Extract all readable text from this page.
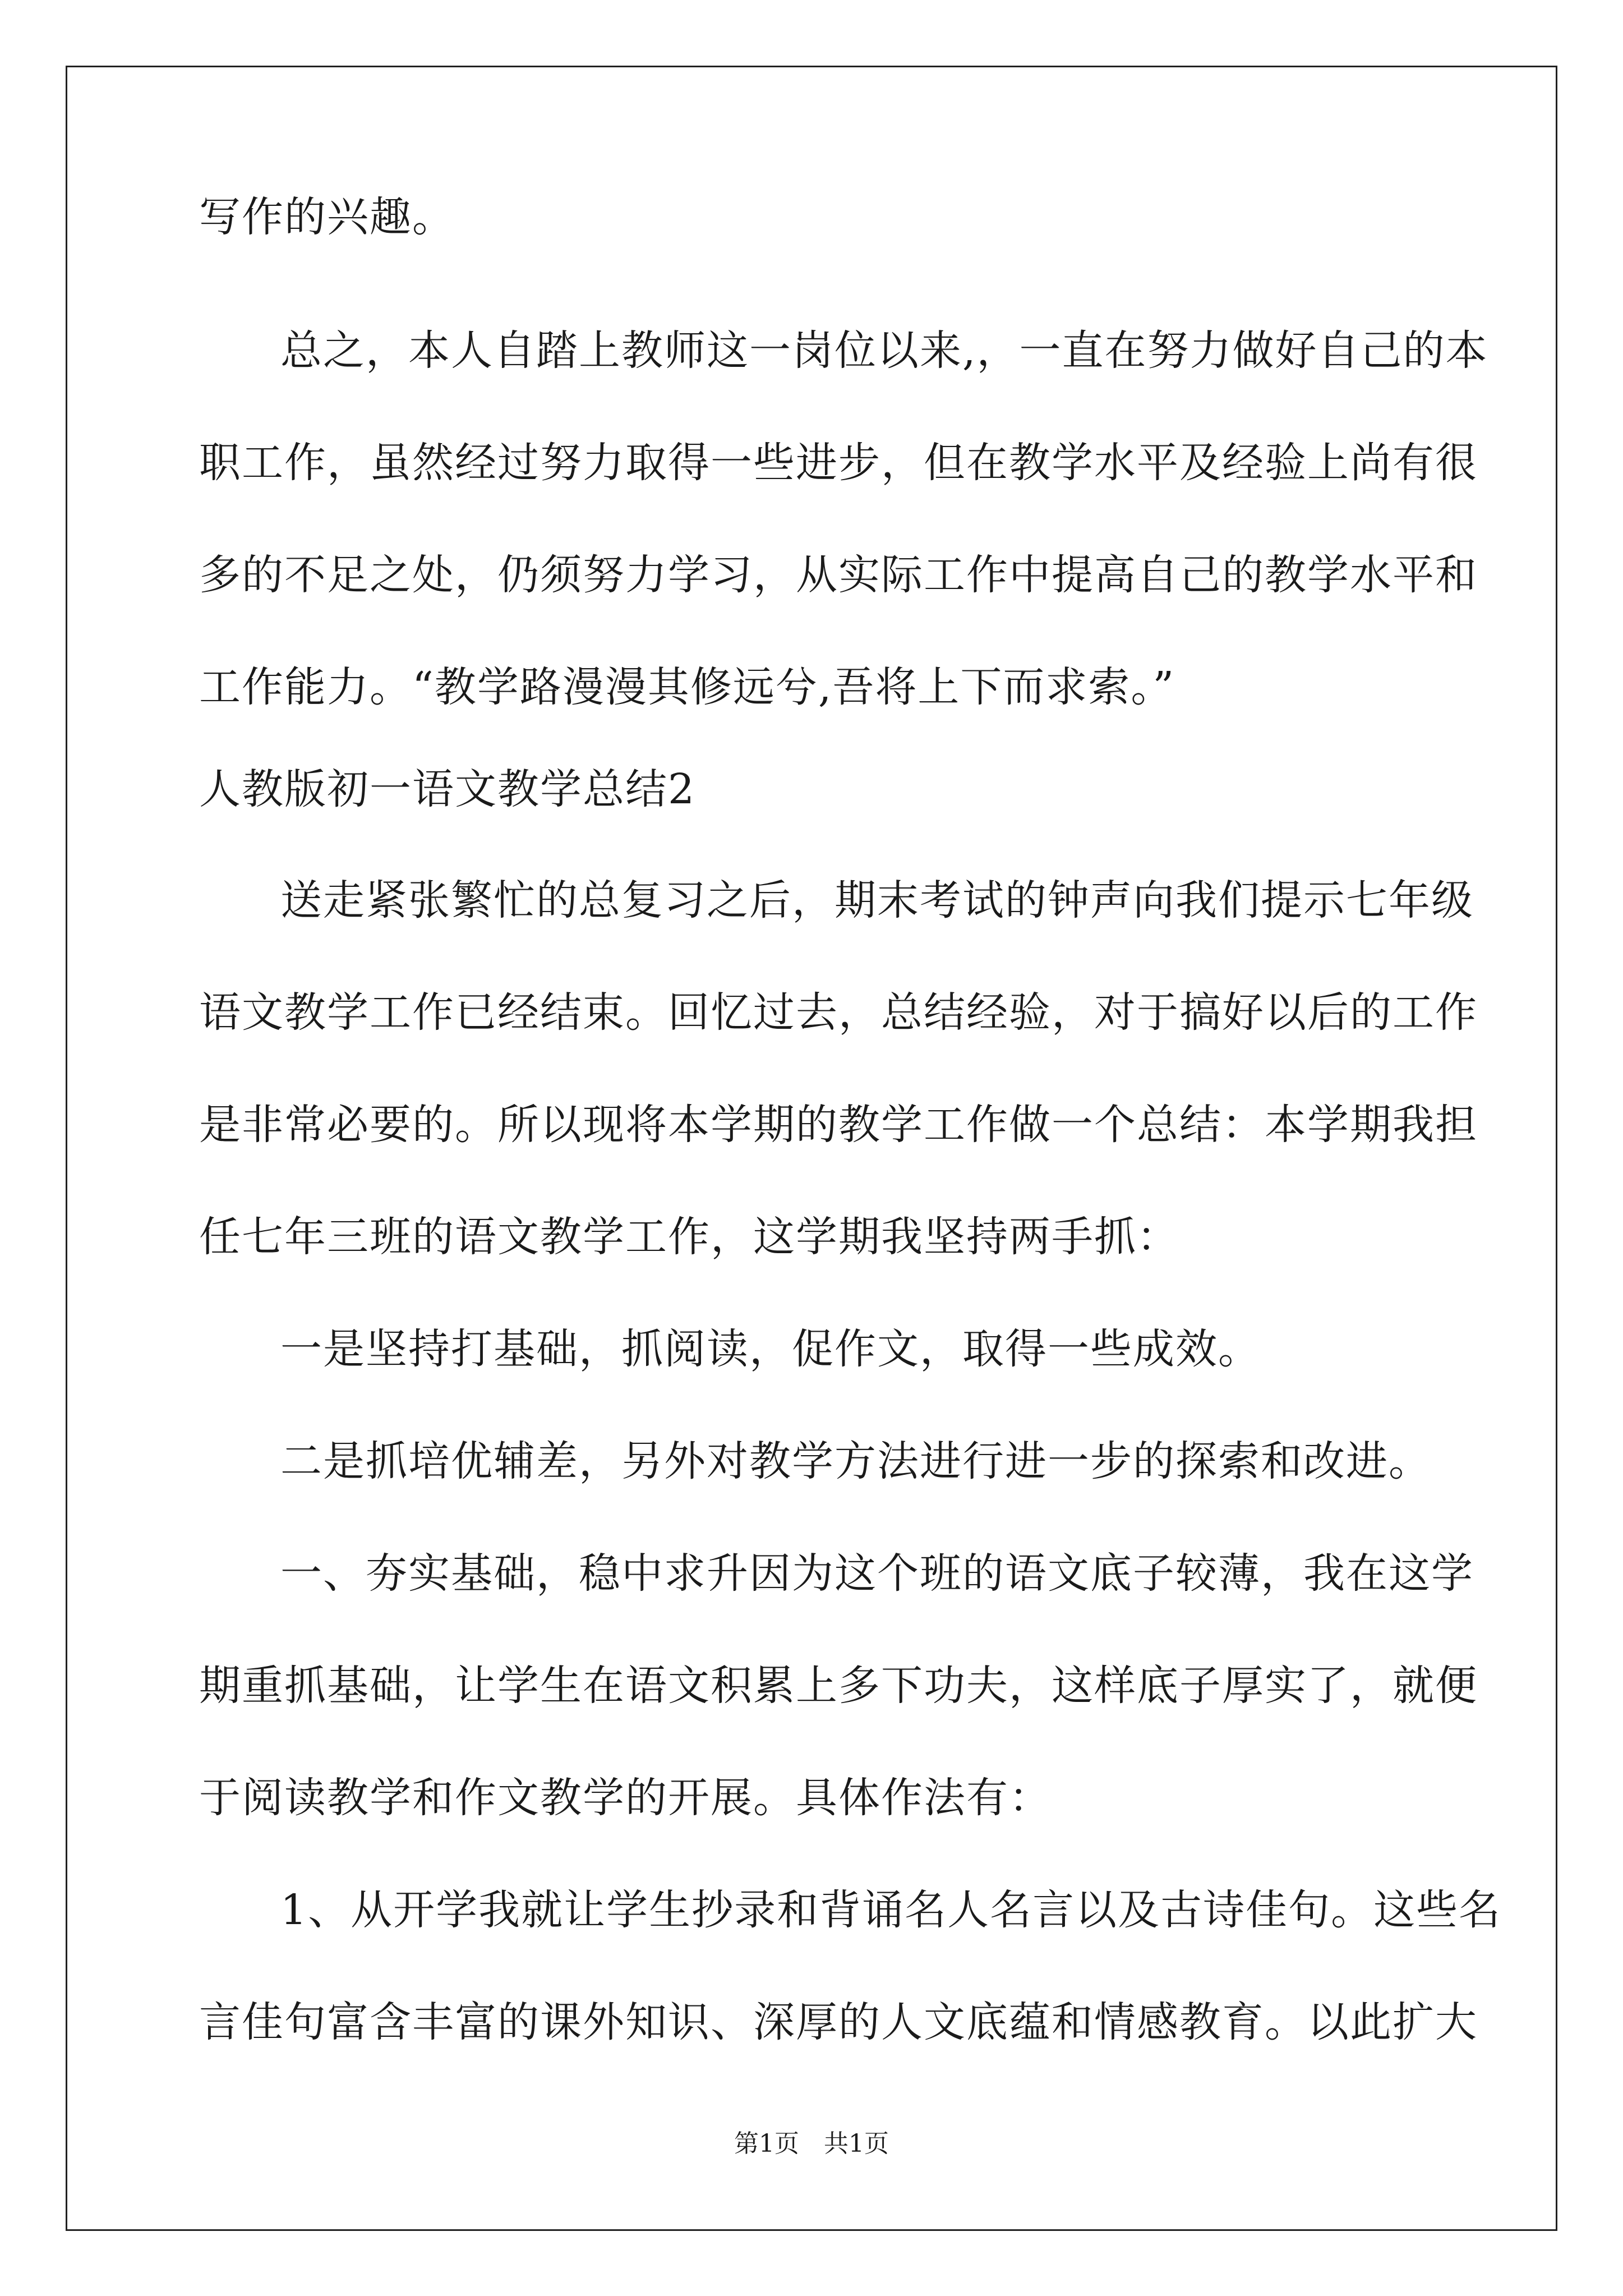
写作的兴趣。
总之，本人自踏上教师这一岗位以来,，一直在努力做好自己的本
职工作，虽然经过努力取得一些进步，但在教学水平及经验上尚有很
多的不足之处，仍须努力学习，从实际工作中提高自己的教学水平和
工作能力。“教学路漫漫其修远兮,吾将上下而求索。”
人教版初一语文教学总结2
送走紧张繁忙的总复习之后，期末考试的钟声向我们提示七年级
语文教学工作已经结束。回忆过去，总结经验，对于搞好以后的工作
是非常必要的。所以现将本学期的教学工作做一个总结：本学期我担
任七年三班的语文教学工作，这学期我坚持两手抓：
一是坚持打基础，抓阅读，促作文，取得一些成效。
二是抓培优辅差，另外对教学方法进行进一步的探索和改进。
一、夯实基础，稳中求升因为这个班的语文底子较薄，我在这学
期重抓基础，让学生在语文积累上多下功夫，这样底子厚实了，就便
于阅读教学和作文教学的开展。具体作法有：
1、从开学我就让学生抄录和背诵名人名言以及古诗佳句。这些名
言佳句富含丰富的课外知识、深厚的人文底蕴和情感教育。以此扩大
第1页　共1页
